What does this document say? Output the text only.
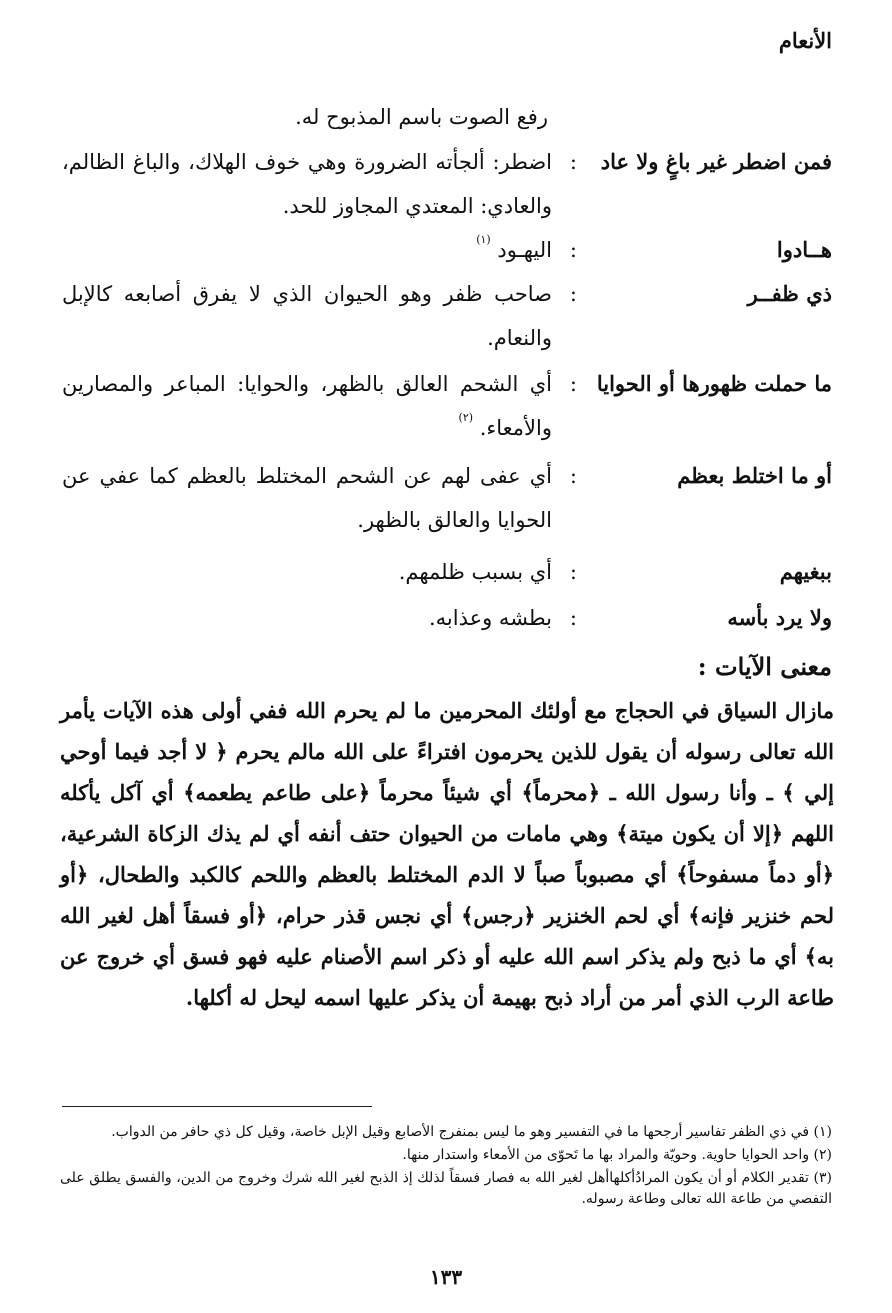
الأنعام
رفع الصوت باسم المذبوح له.
فمن اضطر غير باغٍ ولا عاد
:
اضطر: ألجأته الضرورة وهي خوف الهلاك، والباغ الظالم، والعادي: المعتدي المجاوز للحد.
هــادوا
:
اليهـود $^{(١)}$
ذي ظفــر
:
صاحب ظفر وهو الحيوان الذي لا يفرق أصابعه كالإبل والنعام.
ما حملت ظهورها أو الحوايا
:
أي الشحم العالق بالظهر، والحوايا: المباعر والمصارين والأمعاء. $^{(٢)}$
أو ما اختلط بعظم
:
أي عفى لهم عن الشحم المختلط بالعظم كما عفي عن الحوايا والعالق بالظهر.
ببغيهم
:
أي بسبب ظلمهم.
ولا يرد بأسه
:
بطشه وعذابه.
معنى الآيات :
مازال السياق في الحجاج مع أولئك المحرمين ما لم يحرم الله ففي أولى هذه الآيات يأمر الله تعالى رسوله أن يقول للذين يحرمون افتراءً على الله مالم يحرم ﴿ لا أجد فيما أوحي إلي ﴾ ـ وأنا رسول الله ـ ﴿محرماً﴾ أي شيئاً محرماً ﴿على طاعم يطعمه﴾ أي آكل يأكله اللهم ﴿إلا أن يكون ميتة﴾ وهي مامات من الحيوان حتف أنفه أي لم يذك الزكاة الشرعية، ﴿أو دماً مسفوحاً﴾ أي مصبوباً صباً لا الدم المختلط بالعظم واللحم كالكبد والطحال، ﴿أو لحم خنزير فإنه﴾ أي لحم الخنزير ﴿رجس﴾ أي نجس قذر حرام، ﴿أو فسقاً أهل لغير الله به﴾ أي ما ذبح ولم يذكر اسم الله عليه أو ذكر اسم الأصنام عليه فهو فسق أي خروج عن طاعة الرب الذي أمر من أراد ذبح بهيمة أن يذكر عليها اسمه ليحل له أكلها.

(١) في ذي الظفر تفاسير أرجحها ما في التفسير وهو ما ليس بمنفرج الأصابع وقيل الإبل خاصة، وقيل كل ذي حافر من الدواب.

(٢) واحد الحوايا حاوية. وحويّة والمراد بها ما تَحوّى من الأمعاء واستدار منها.

(٣) تقدير الكلام أو أن يكون المرادُأكلهاأهل لغير الله به فصار فسقاً لذلك إذ الذبح لغير الله شرك وخروج من الدين، والفسق يطلق على التفصي من طاعة الله تعالى وطاعة رسوله.

١٣٣
